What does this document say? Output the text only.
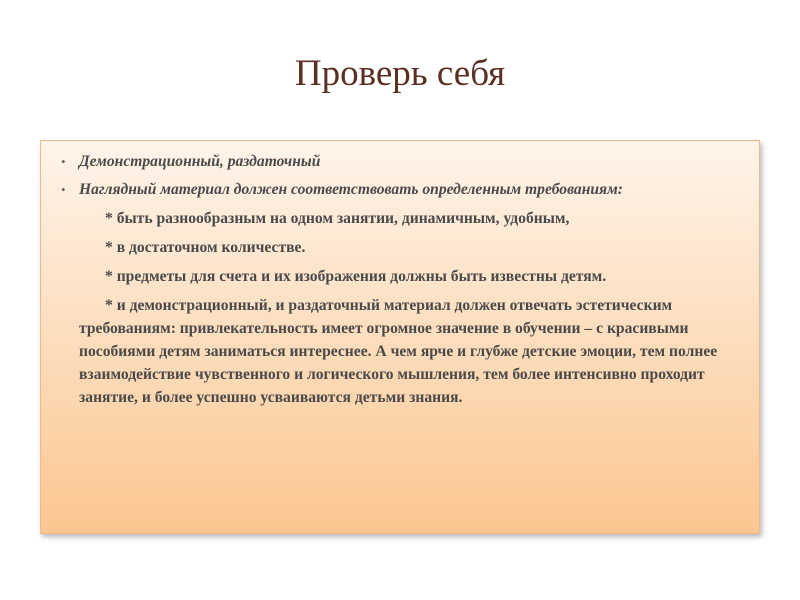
Проверь себя
• Демонстрационный, раздаточный
• Наглядный материал должен соответствовать определенным требованиям:
* быть разнообразным на одном занятии, динамичным, удобным,
* в достаточном количестве.
* предметы для счета и их изображения должны быть известны детям.
* и демонстрационный, и раздаточный материал должен отвечать эстетическим требованиям: привлекательность имеет огромное значение в обучении – с красивыми пособиями детям заниматься интереснее. А чем ярче и глубже детские эмоции, тем полнее взаимодействие чувственного и логического мышления, тем более интенсивно проходит занятие, и более успешно усваиваются детьми знания.
